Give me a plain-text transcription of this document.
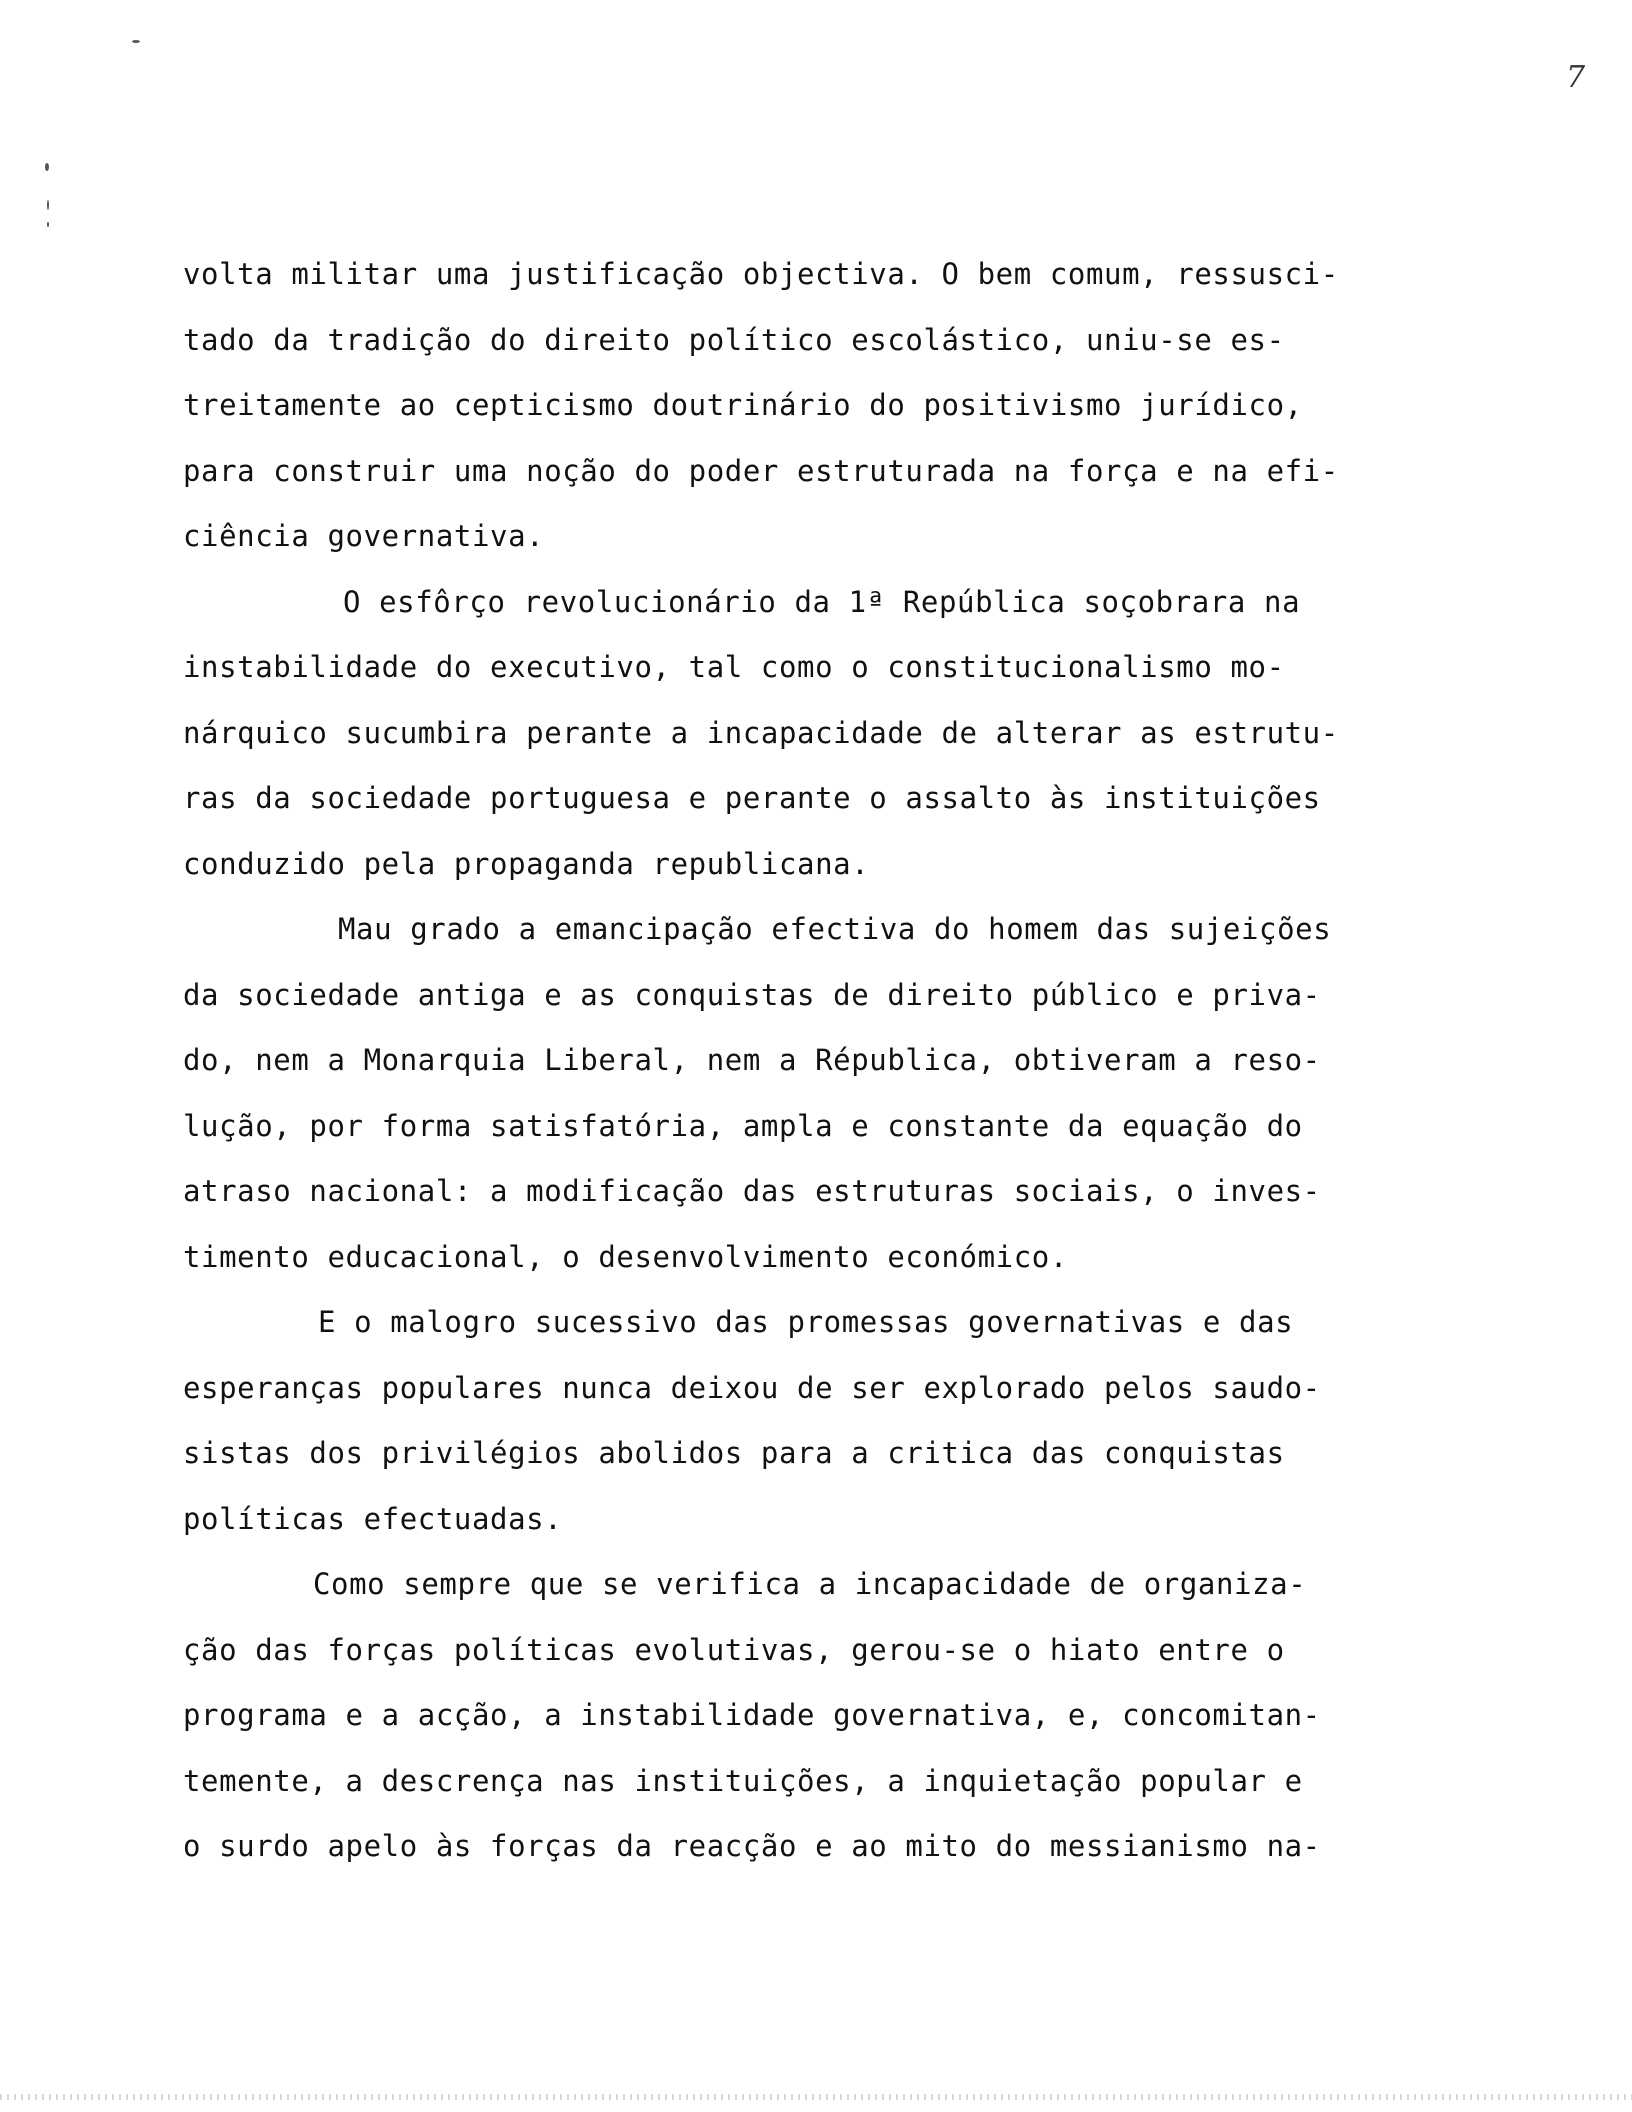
7
volta militar uma justificação objectiva. O bem comum, ressusci-
tado da tradição do direito político escolástico, uniu-se es-
treitamente ao cepticismo doutrinário do positivismo jurídico,
para construir uma noção do poder estruturada na força e na efi-
ciência governativa.
O esfôrço revolucionário da 1ª República soçobrara na
instabilidade do executivo, tal como o constitucionalismo mo-
nárquico sucumbira perante a incapacidade de alterar as estrutu-
ras da sociedade portuguesa e perante o assalto às instituições
conduzido pela propaganda republicana.
Mau grado a emancipação efectiva do homem das sujeições
da sociedade antiga e as conquistas de direito público e priva-
do, nem a Monarquia Liberal, nem a Républica, obtiveram a reso-
lução, por forma satisfatória, ampla e constante da equação do
atraso nacional: a modificação das estruturas sociais, o inves-
timento educacional, o desenvolvimento económico.
E o malogro sucessivo das promessas governativas e das
esperanças populares nunca deixou de ser explorado pelos saudo-
sistas dos privilégios abolidos para a critica das conquistas
políticas efectuadas.
Como sempre que se verifica a incapacidade de organiza-
ção das forças políticas evolutivas, gerou-se o hiato entre o
programa e a acção, a instabilidade governativa, e, concomitan-
temente, a descrença nas instituições, a inquietação popular e
o surdo apelo às forças da reacção e ao mito do messianismo na-
